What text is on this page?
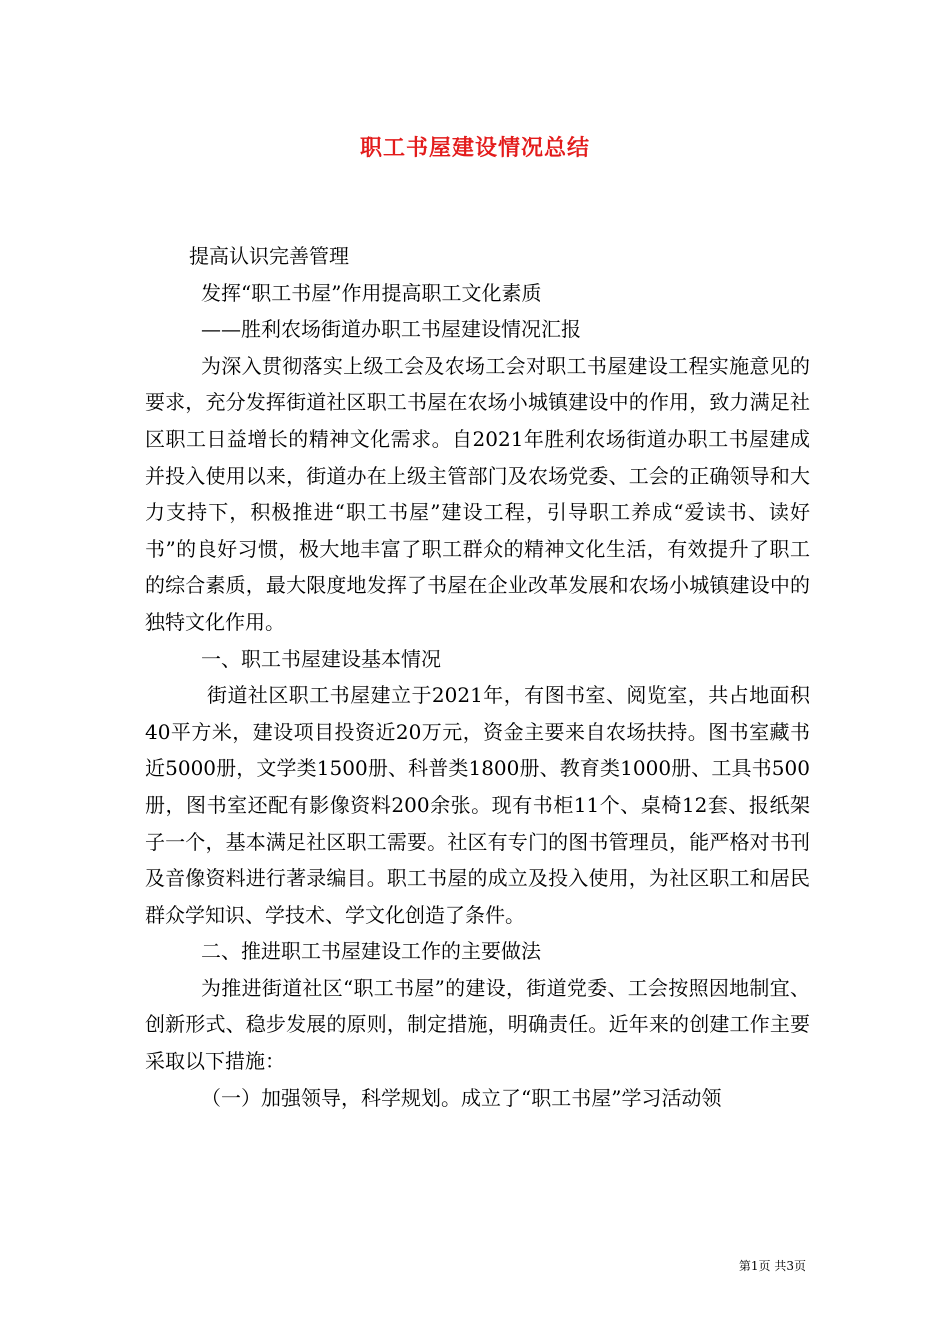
职工书屋建设情况总结

提高认识完善管理

发挥“职工书屋”作用提高职工文化素质

——胜利农场街道办职工书屋建设情况汇报

为深入贯彻落实上级工会及农场工会对职工书屋建设工程实施意见的要求，充分发挥街道社区职工书屋在农场小城镇建设中的作用，致力满足社区职工日益增长的精神文化需求。自2021年胜利农场街道办职工书屋建成并投入使用以来，街道办在上级主管部门及农场党委、工会的正确领导和大力支持下，积极推进“职工书屋”建设工程，引导职工养成“爱读书、读好书”的良好习惯，极大地丰富了职工群众的精神文化生活，有效提升了职工的综合素质，最大限度地发挥了书屋在企业改革发展和农场小城镇建设中的独特文化作用。

一、职工书屋建设基本情况

街道社区职工书屋建立于2021年，有图书室、阅览室，共占地面积40平方米，建设项目投资近20万元，资金主要来自农场扶持。图书室藏书近5000册，文学类1500册、科普类1800册、教育类1000册、工具书500册，图书室还配有影像资料200余张。现有书柜11个、桌椅12套、报纸架子一个，基本满足社区职工需要。社区有专门的图书管理员，能严格对书刊及音像资料进行著录编目。职工书屋的成立及投入使用，为社区职工和居民群众学知识、学技术、学文化创造了条件。

二、推进职工书屋建设工作的主要做法

为推进街道社区“职工书屋”的建设，街道党委、工会按照因地制宜、创新形式、稳步发展的原则，制定措施，明确责任。近年来的创建工作主要采取以下措施：

（一）加强领导，科学规划。成立了“职工书屋”学习活动领

第1页 共3页
